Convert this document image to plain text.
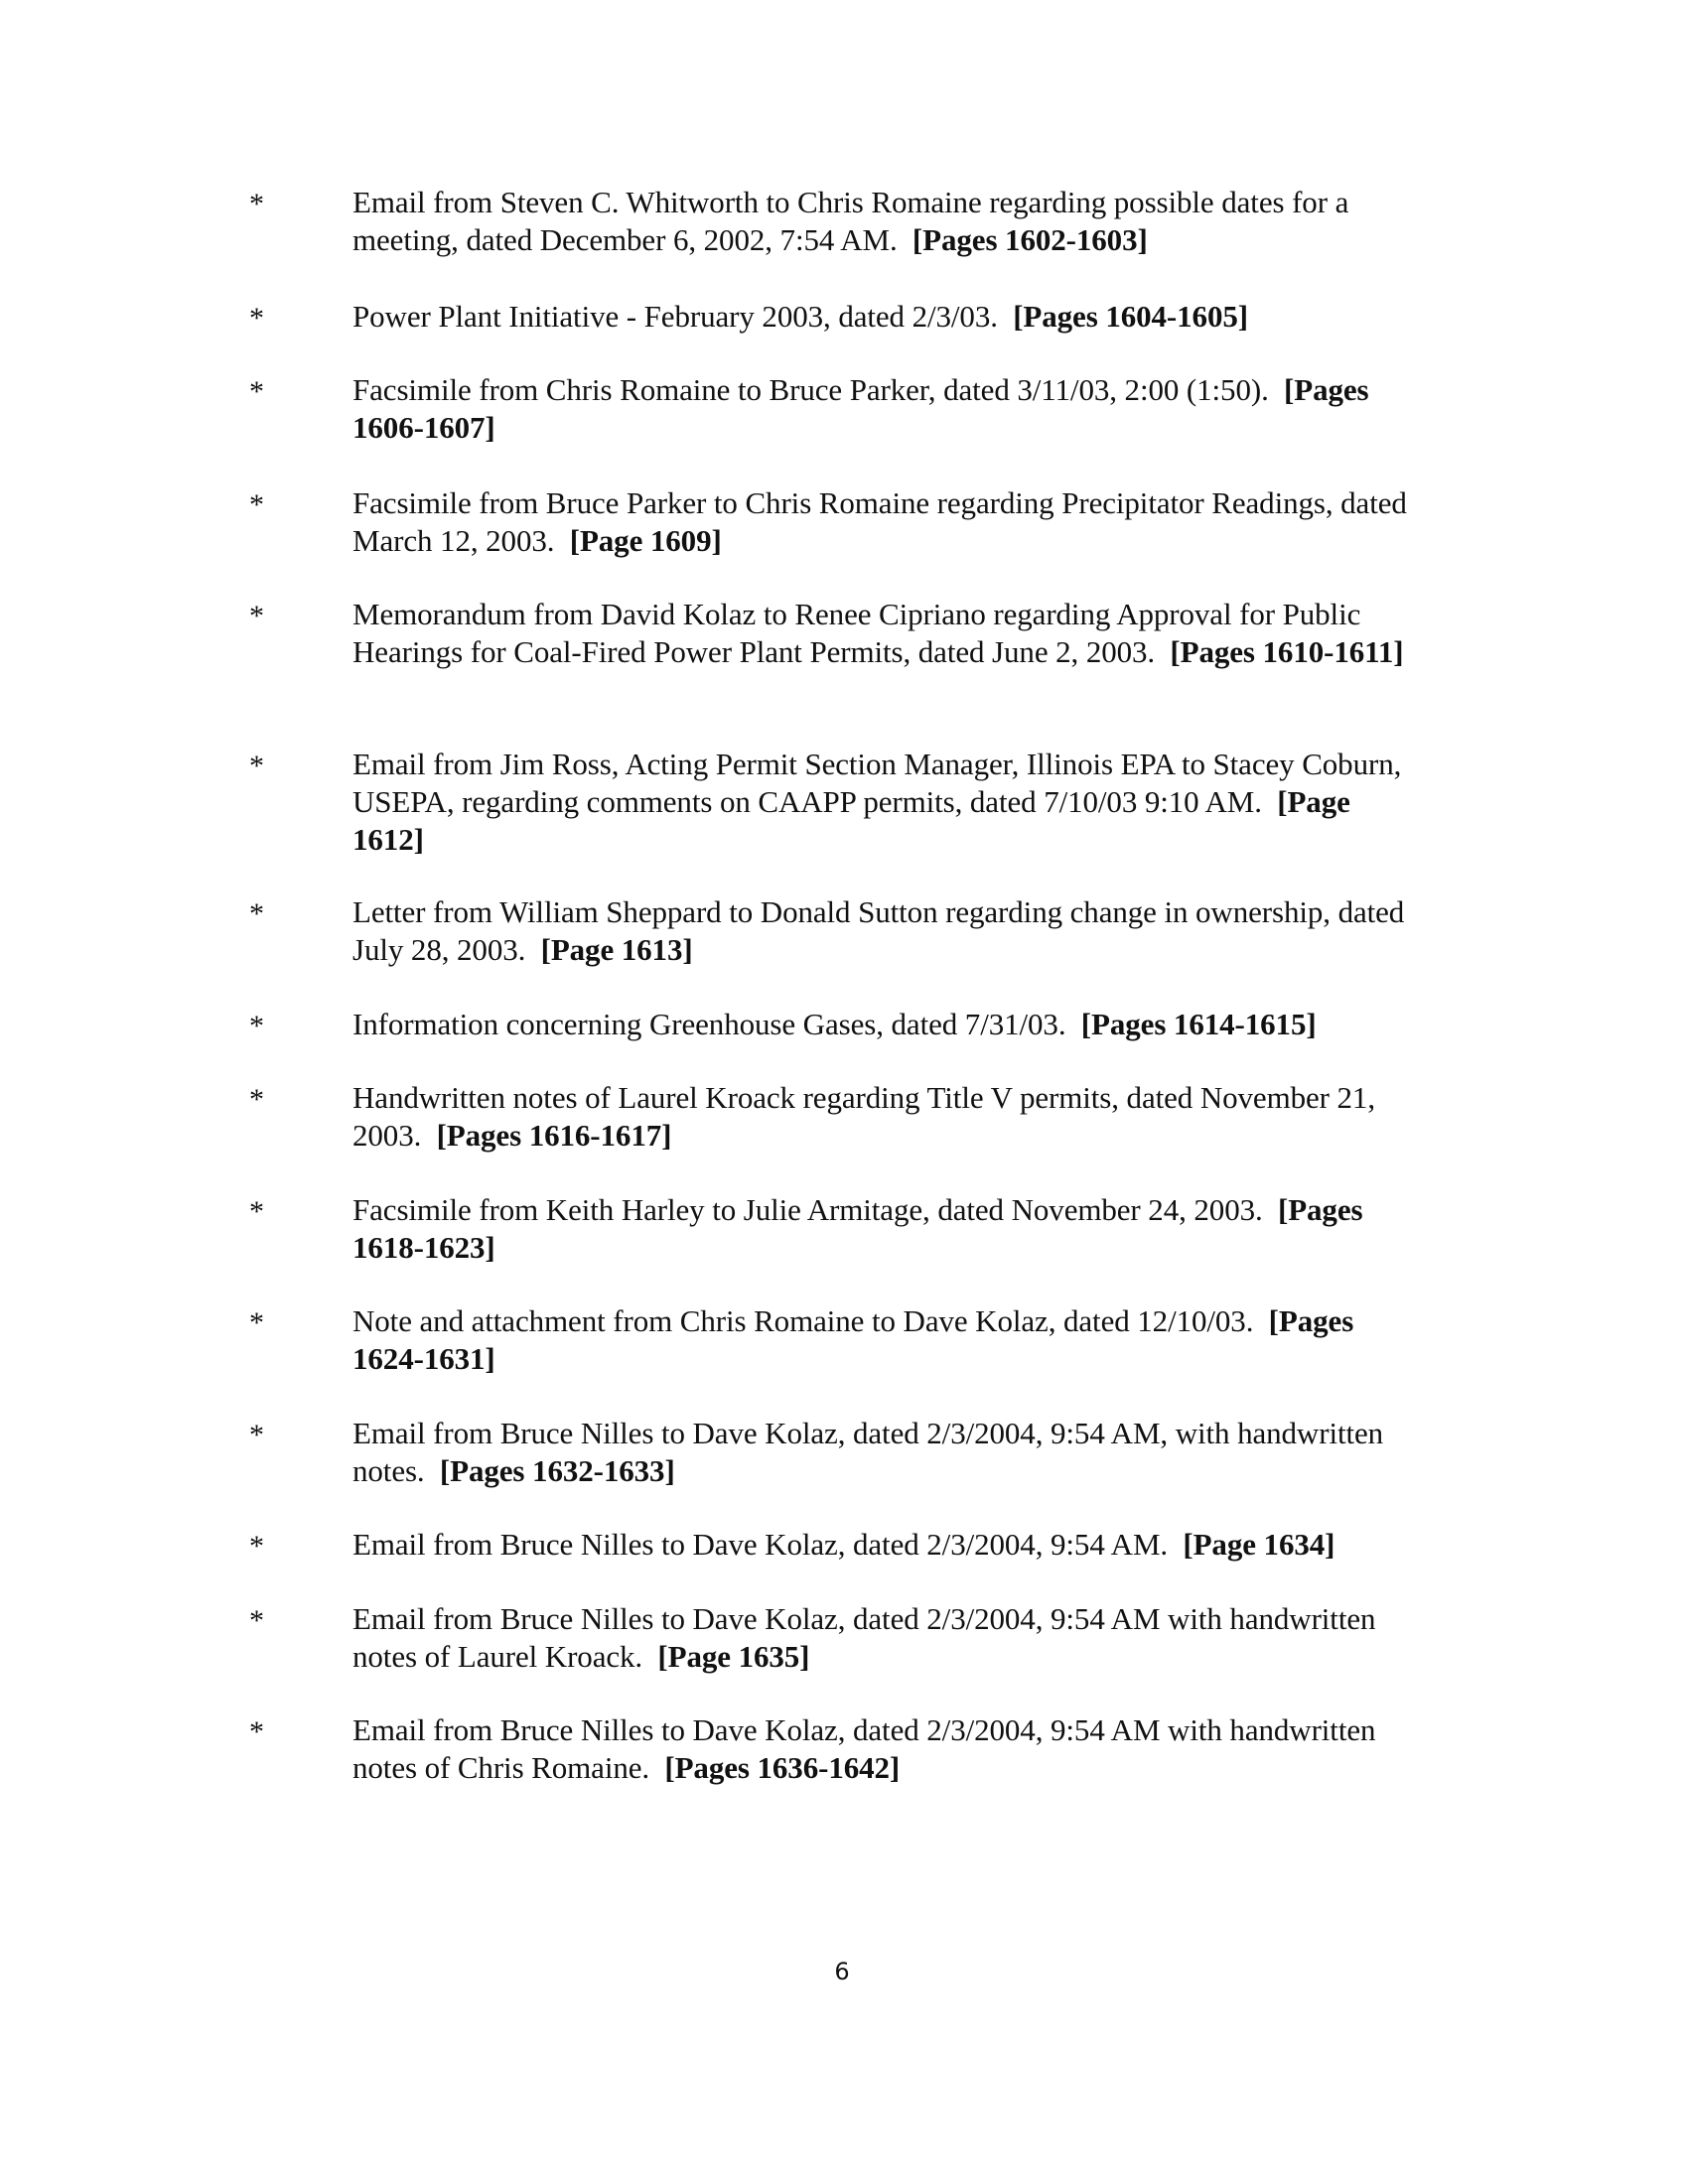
*	Email from Steven C. Whitworth to Chris Romaine regarding possible dates for a meeting, dated December 6, 2002, 7:54 AM. [Pages 1602-1603]
*	Power Plant Initiative - February 2003, dated 2/3/03. [Pages 1604-1605]
*	Facsimile from Chris Romaine to Bruce Parker, dated 3/11/03, 2:00 (1:50). [Pages 1606-1607]
*	Facsimile from Bruce Parker to Chris Romaine regarding Precipitator Readings, dated March 12, 2003. [Page 1609]
*	Memorandum from David Kolaz to Renee Cipriano regarding Approval for Public Hearings for Coal-Fired Power Plant Permits, dated June 2, 2003. [Pages 1610-1611]
*	Email from Jim Ross, Acting Permit Section Manager, Illinois EPA to Stacey Coburn, USEPA, regarding comments on CAAPP permits, dated 7/10/03 9:10 AM. [Page 1612]
*	Letter from William Sheppard to Donald Sutton regarding change in ownership, dated July 28, 2003. [Page 1613]
*	Information concerning Greenhouse Gases, dated 7/31/03. [Pages 1614-1615]
*	Handwritten notes of Laurel Kroack regarding Title V permits, dated November 21, 2003. [Pages 1616-1617]
*	Facsimile from Keith Harley to Julie Armitage, dated November 24, 2003. [Pages 1618-1623]
*	Note and attachment from Chris Romaine to Dave Kolaz, dated 12/10/03. [Pages 1624-1631]
*	Email from Bruce Nilles to Dave Kolaz, dated 2/3/2004, 9:54 AM, with handwritten notes. [Pages 1632-1633]
*	Email from Bruce Nilles to Dave Kolaz, dated 2/3/2004, 9:54 AM. [Page 1634]
*	Email from Bruce Nilles to Dave Kolaz, dated 2/3/2004, 9:54 AM with handwritten notes of Laurel Kroack. [Page 1635]
*	Email from Bruce Nilles to Dave Kolaz, dated 2/3/2004, 9:54 AM with handwritten notes of Chris Romaine. [Pages 1636-1642]
6
